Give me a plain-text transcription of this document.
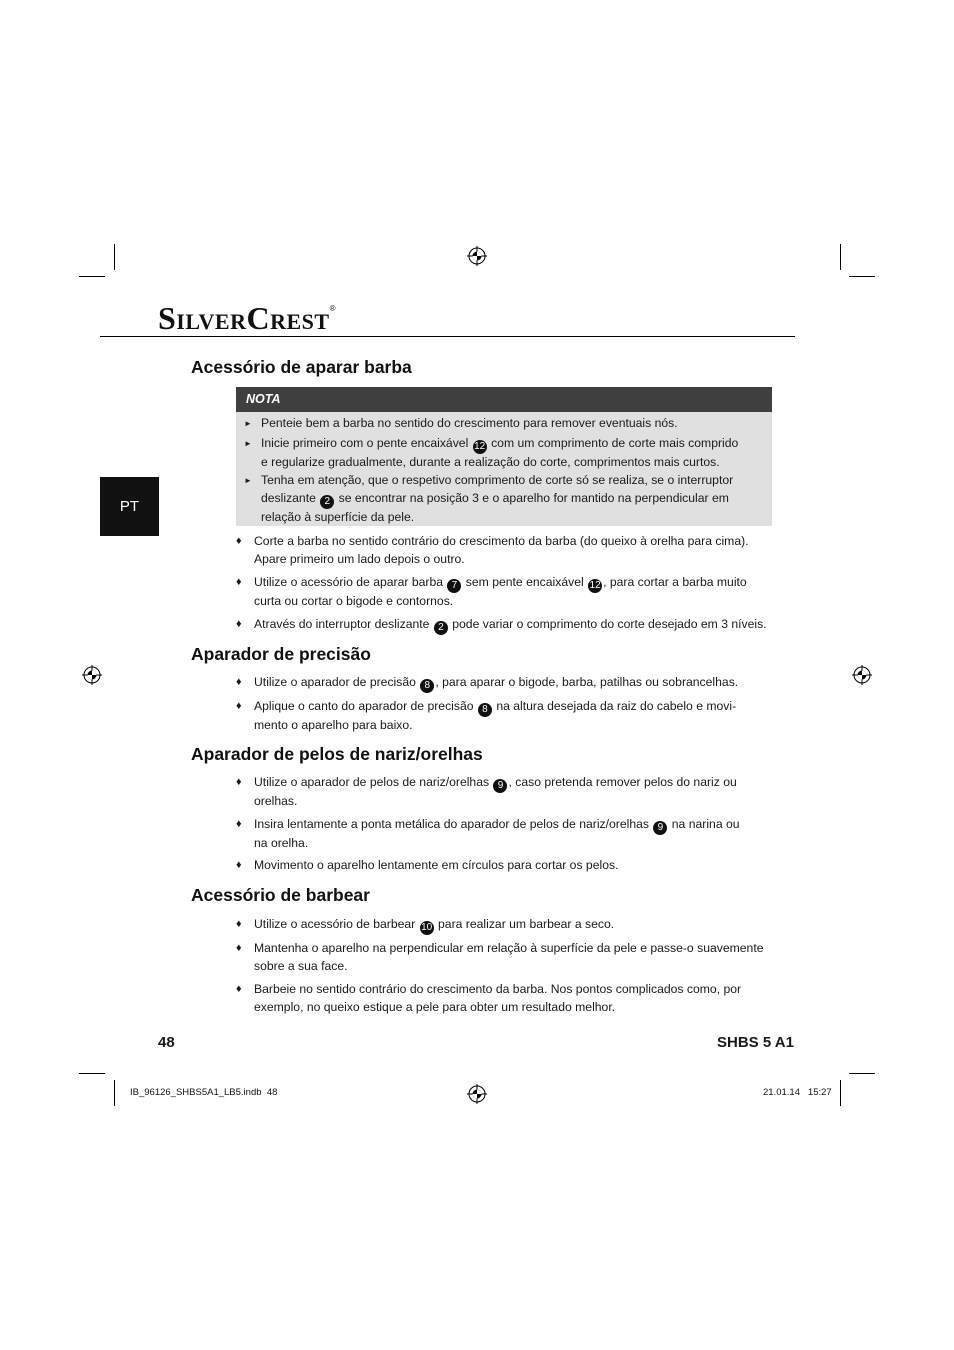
SILVERCREST®
PT
Acessório de aparar barba
NOTA
► Penteie bem a barba no sentido do crescimento para remover eventuais nós.
► Inicie primeiro com o pente encaixável 12 com um comprimento de corte mais comprido
e regularize gradualmente, durante a realização do corte, comprimentos mais curtos.
► Tenha em atenção, que o respetivo comprimento de corte só se realiza, se o interruptor
deslizante 2 se encontrar na posição 3 e o aparelho for mantido na perpendicular em
relação à superfície da pele.
♦ Corte a barba no sentido contrário do crescimento da barba (do queixo à orelha para cima).
Apare primeiro um lado depois o outro.
♦ Utilize o acessório de aparar barba 7 sem pente encaixável 12 , para cortar a barba muito
curta ou cortar o bigode e contornos.
♦ Através do interruptor deslizante 2 pode variar o comprimento do corte desejado em 3 níveis.
Aparador de precisão
♦ Utilize o aparador de precisão 8 , para aparar o bigode, barba, patilhas ou sobrancelhas.
♦ Aplique o canto do aparador de precisão 8 na altura desejada da raiz do cabelo e movi-
mento o aparelho para baixo.
Aparador de pelos de nariz/orelhas
♦ Utilize o aparador de pelos de nariz/orelhas 9 , caso pretenda remover pelos do nariz ou
orelhas.
♦ Insira lentamente a ponta metálica do aparador de pelos de nariz/orelhas 9 na narina ou
na orelha.
♦ Movimento o aparelho lentamente em círculos para cortar os pelos.
Acessório de barbear
♦ Utilize o acessório de barbear 10 para realizar um barbear a seco.
♦ Mantenha o aparelho na perpendicular em relação à superfície da pele e passe-o suavemente
sobre a sua face.
♦ Barbeie no sentido contrário do crescimento da barba. Nos pontos complicados como, por
exemplo, no queixo estique a pele para obter um resultado melhor.
48	SHBS 5 A1
IB_96126_SHBS5A1_LB5.indb 48	21.01.14 15:27
